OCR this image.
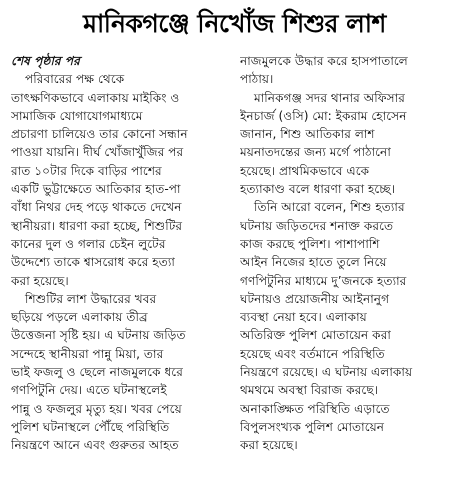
মানিকগঞ্জে নিখোঁজ শিশুর লাশ
শেষ পৃষ্ঠার পর
পরিবারের পক্ষ থেকে
তাৎক্ষণিকভাবে এলাকায় মাইকিং ও
সামাজিক যোগাযোগমাধ্যমে
প্রচারণা চালিয়েও তার কোনো সন্ধান
পাওয়া যায়নি। দীর্ঘ খোঁজাখুঁজির পর
রাত ১০টার দিকে বাড়ির পাশের
একটি ভুট্টাক্ষেতে আতিকার হাত-পা
বাঁধা নিথর দেহ পড়ে থাকতে দেখেন
স্থানীয়রা। ধারণা করা হচ্ছে, শিশুটির
কানের দুল ও গলার চেইন লুটের
উদ্দেশ্যে তাকে শ্বাসরোধ করে হত্যা
করা হয়েছে।
শিশুটির লাশ উদ্ধারের খবর
ছড়িয়ে পড়লে এলাকায় তীব্র
উত্তেজনা সৃষ্টি হয়। এ ঘটনায় জড়িত
সন্দেহে স্থানীয়রা পান্নু মিয়া, তার
ভাই ফজলু ও ছেলে নাজমুলকে ধরে
গণপিটুনি দেয়। এতে ঘটনাস্থলেই
পান্নু ও ফজলুর মৃত্যু হয়। খবর পেয়ে
পুলিশ ঘটনাস্থলে পৌঁছে পরিস্থিতি
নিয়ন্ত্রণে আনে এবং গুরুতর আহত
নাজমুলকে উদ্ধার করে হাসপাতালে
পাঠায়।
মানিকগঞ্জ সদর থানার অফিসার
ইনচার্জ (ওসি) মো: ইকরাম হোসেন
জানান, শিশু আতিকার লাশ
ময়নাতদন্তের জন্য মর্গে পাঠানো
হয়েছে। প্রাথমিকভাবে একে
হত্যাকাণ্ড বলে ধারণা করা হচ্ছে।
তিনি আরো বলেন, শিশু হত্যার
ঘটনায় জড়িতদের শনাক্ত করতে
কাজ করছে পুলিশ। পাশাপাশি
আইন নিজের হাতে তুলে নিয়ে
গণপিটুনির মাধ্যমে দু’জনকে হত্যার
ঘটনায়ও প্রয়োজনীয় আইনানুগ
ব্যবস্থা নেয়া হবে। এলাকায়
অতিরিক্ত পুলিশ মোতায়েন করা
হয়েছে এবং বর্তমানে পরিস্থিতি
নিয়ন্ত্রণে রয়েছে। এ ঘটনায় এলাকায়
থমথমে অবস্থা বিরাজ করছে।
অনাকাঙ্ক্ষিত পরিস্থিতি এড়াতে
বিপুলসংখ্যক পুলিশ মোতায়েন
করা হয়েছে।
